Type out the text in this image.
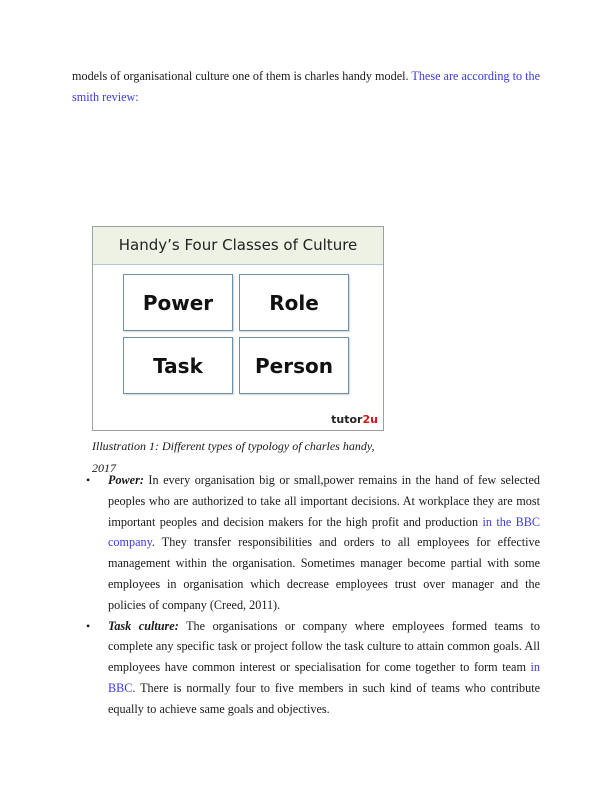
models of organisational culture one of them is charles handy model. These are according to the smith review:

Handy’s Four Classes of Culture
Power	Role
Task	Person
tutor2u
Illustration 1: Different types of typology of charles handy, 2017
• Power: In every organisation big or small,power remains in the hand of few selected peoples who are authorized to take all important decisions. At workplace they are most important peoples and decision makers for the high profit and production in the BBC company. They transfer responsibilities and orders to all employees for effective management within the organisation. Sometimes manager become partial with some employees in organisation which decrease employees trust over manager and the policies of company (Creed, 2011).
• Task culture: The organisations or company where employees formed teams to complete any specific task or project follow the task culture to attain common goals. All employees have common interest or specialisation for come together to form team in BBC. There is normally four to five members in such kind of teams who contribute equally to achieve same goals and objectives.
